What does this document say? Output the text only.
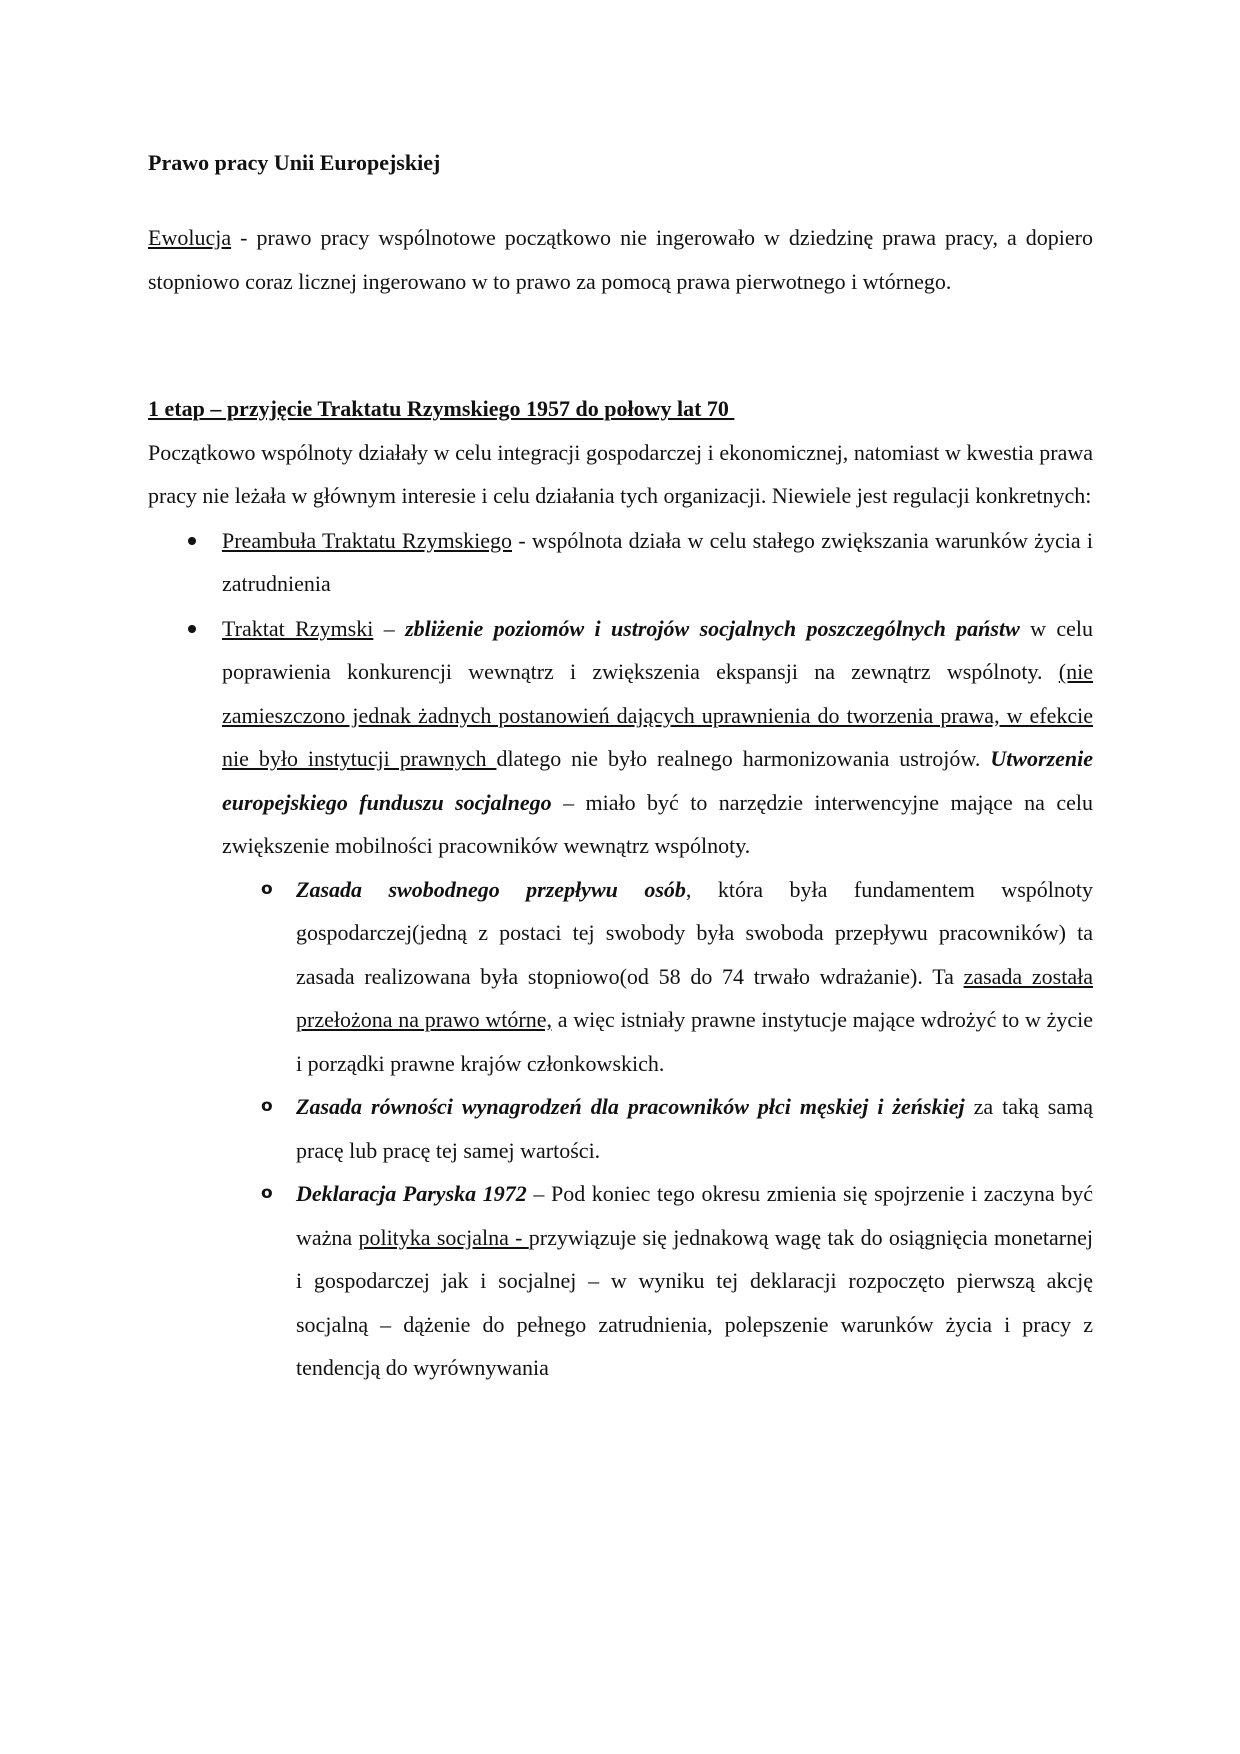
Prawo pracy Unii Europejskiej

Ewolucja - prawo pracy wspólnotowe początkowo nie ingerowało w dziedzinę prawa pracy, a dopiero stopniowo coraz licznej ingerowano w to prawo za pomocą prawa pierwotnego i wtórnego.

1 etap – przyjęcie Traktatu Rzymskiego 1957 do połowy lat 70

Początkowo wspólnoty działały w celu integracji gospodarczej i ekonomicznej, natomiast w kwestia prawa pracy nie leżała w głównym interesie i celu działania tych organizacji. Niewiele jest regulacji konkretnych:

Preambuła Traktatu Rzymskiego - wspólnota działa w celu stałego zwiększania warunków życia i zatrudnienia
Traktat Rzymski – zbliżenie poziomów i ustrojów socjalnych poszczególnych państw w celu poprawienia konkurencji wewnątrz i zwiększenia ekspansji na zewnątrz wspólnoty. (nie zamieszczono jednak żadnych postanowień dających uprawnienia do tworzenia prawa, w efekcie nie było instytucji prawnych dlatego nie było realnego harmonizowania ustrojów. Utworzenie europejskiego funduszu socjalnego – miało być to narzędzie interwencyjne mające na celu zwiększenie mobilności pracowników wewnątrz wspólnoty.
o Zasada swobodnego przepływu osób, która była fundamentem wspólnoty gospodarczej(jedną z postaci tej swobody była swoboda przepływu pracowników) ta zasada realizowana była stopniowo(od 58 do 74 trwało wdrażanie). Ta zasada została przełożona na prawo wtórne, a więc istniały prawne instytucje mające wdrożyć to w życie i porządki prawne krajów członkowskich.
o Zasada równości wynagrodzeń dla pracowników płci męskiej i żeńskiej za taką samą pracę lub pracę tej samej wartości.
o Deklaracja Paryska 1972 – Pod koniec tego okresu zmienia się spojrzenie i zaczyna być ważna polityka socjalna - przywiązuje się jednakową wagę tak do osiągnięcia monetarnej i gospodarczej jak i socjalnej – w wyniku tej deklaracji rozpoczęto pierwszą akcję socjalną – dążenie do pełnego zatrudnienia, polepszenie warunków życia i pracy z tendencją do wyrównywania
